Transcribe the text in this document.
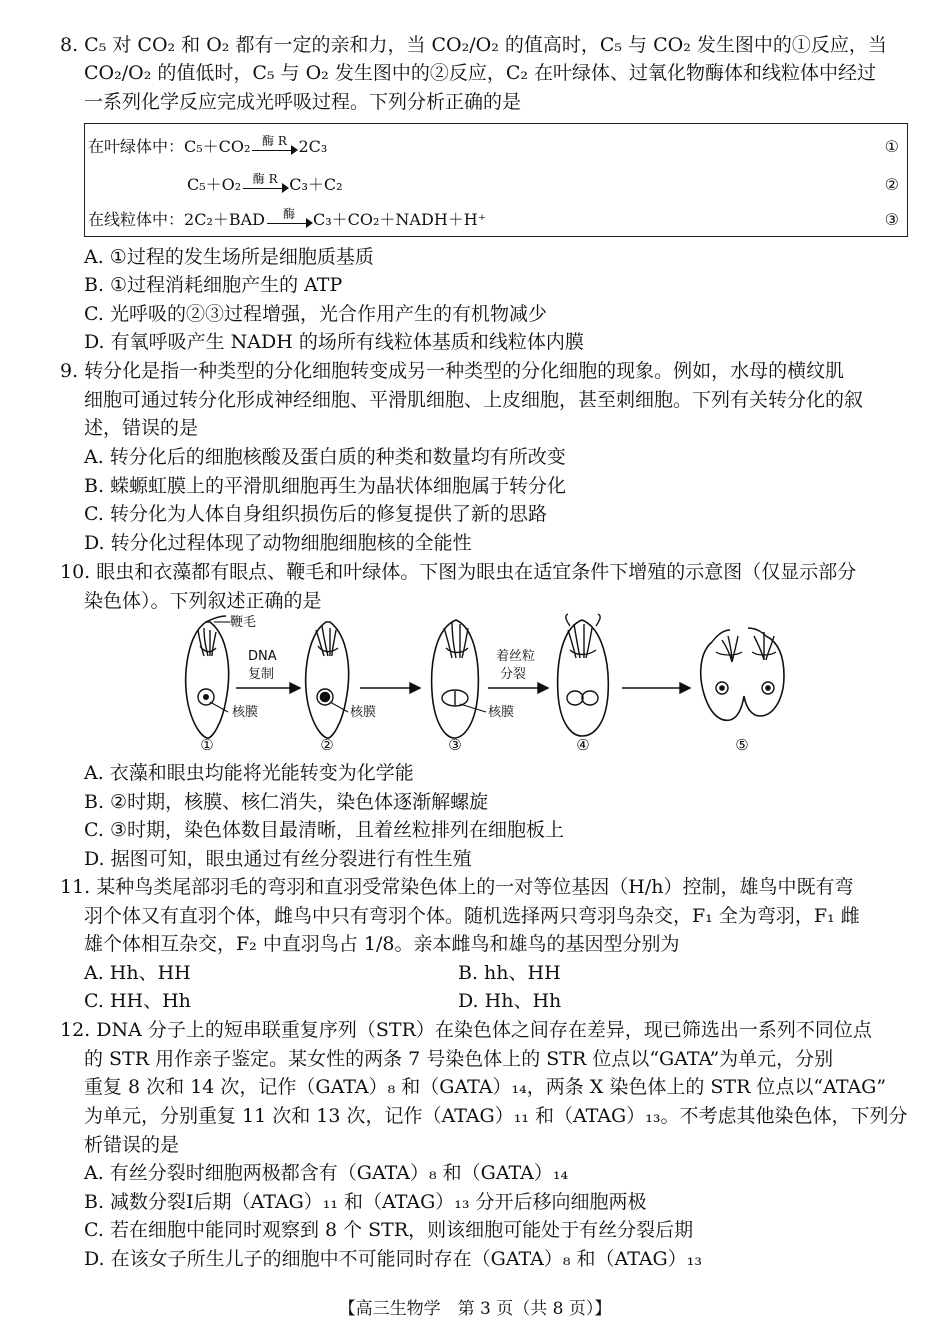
8. C₅ 对 CO₂ 和 O₂ 都有一定的亲和力，当 CO₂/O₂ 的值高时，C₅ 与 CO₂ 发生图中的①反应，当
CO₂/O₂ 的值低时，C₅ 与 O₂ 发生图中的②反应，C₂ 在叶绿体、过氧化物酶体和线粒体中经过
一系列化学反应完成光呼吸过程。下列分析正确的是
在叶绿体中：C₅＋CO₂ 酶 R 2C₃	①
C₅＋O₂ 酶 R C₃＋C₂	②
在线粒体中：2C₂＋BAD	酶	C₃＋CO₂＋NADH＋H⁺	③
A. ①过程的发生场所是细胞质基质
B. ①过程消耗细胞产生的 ATP
C. 光呼吸的②③过程增强，光合作用产生的有机物减少
D. 有氧呼吸产生 NADH 的场所有线粒体基质和线粒体内膜
9. 转分化是指一种类型的分化细胞转变成另一种类型的分化细胞的现象。例如，水母的横纹肌
细胞可通过转分化形成神经细胞、平滑肌细胞、上皮细胞，甚至刺细胞。下列有关转分化的叙
述，错误的是
A. 转分化后的细胞核酸及蛋白质的种类和数量均有所改变
B. 蝾螈虹膜上的平滑肌细胞再生为晶状体细胞属于转分化
C. 转分化为人体自身组织损伤后的修复提供了新的思路
D. 转分化过程体现了动物细胞细胞核的全能性
10. 眼虫和衣藻都有眼点、鞭毛和叶绿体。下图为眼虫在适宜条件下增殖的示意图（仅显示部分
染色体）。下列叙述正确的是
鞭毛
DNA
复制
着丝粒
分裂
核膜	核膜	核膜
①	②	③	④	⑤
A. 衣藻和眼虫均能将光能转变为化学能
B. ②时期，核膜、核仁消失，染色体逐渐解螺旋
C. ③时期，染色体数目最清晰，且着丝粒排列在细胞板上
D. 据图可知，眼虫通过有丝分裂进行有性生殖
11. 某种鸟类尾部羽毛的弯羽和直羽受常染色体上的一对等位基因（H/h）控制，雄鸟中既有弯
羽个体又有直羽个体，雌鸟中只有弯羽个体。随机选择两只弯羽鸟杂交，F₁ 全为弯羽，F₁ 雌
雄个体相互杂交，F₂ 中直羽鸟占 1/8。亲本雌鸟和雄鸟的基因型分别为
A. Hh、HH	B. hh、HH
C. HH、Hh	D. Hh、Hh
12. DNA 分子上的短串联重复序列（STR）在染色体之间存在差异，现已筛选出一系列不同位点
的 STR 用作亲子鉴定。某女性的两条 7 号染色体上的 STR 位点以“GATA”为单元，分别
重复 8 次和 14 次，记作（GATA）₈ 和（GATA）₁₄，两条 X 染色体上的 STR 位点以“ATAG”
为单元，分别重复 11 次和 13 次，记作（ATAG）₁₁ 和（ATAG）₁₃。不考虑其他染色体，下列分
析错误的是
A. 有丝分裂时细胞两极都含有（GATA）₈ 和（GATA）₁₄
B. 减数分裂Ⅰ后期（ATAG）₁₁ 和（ATAG）₁₃ 分开后移向细胞两极
C. 若在细胞中能同时观察到 8 个 STR，则该细胞可能处于有丝分裂后期
D. 在该女子所生儿子的细胞中不可能同时存在（GATA）₈ 和（ATAG）₁₃
【高三生物学　第 3 页（共 8 页）】
